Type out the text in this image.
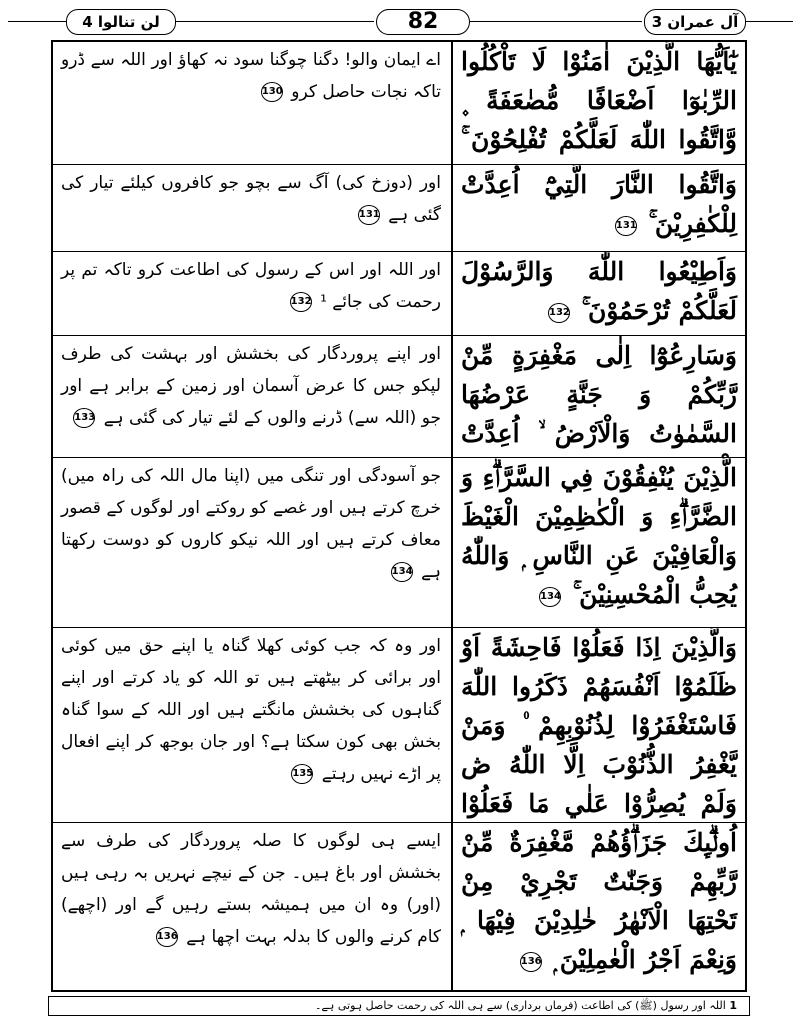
لن تنالوا 4	82	آل عمران 3
يٰٓاَيُّهَا الَّذِيْنَ اٰمَنُوْا لَا تَاْكُلُوا الرِّبٰوٓا اَضْعَافًا مُّضٰعَفَةً ۪ وَّاتَّقُوا اللّٰهَ لَعَلَّكُمْ تُفْلِحُوْنَ ۚ
اے ایمان والو! دگنا چوگنا سود نہ کھاؤ اور اللہ سے ڈرو تاکہ نجات حاصل کرو 130
وَاتَّقُوا النَّارَ الَّتِيْٓ اُعِدَّتْ لِلْكٰفِرِيْنَ ۚ 131
اور (دوزخ کی) آگ سے بچو جو کافروں کیلئے تیار کی گئی ہے 131
وَاَطِيْعُوا اللّٰهَ وَالرَّسُوْلَ لَعَلَّكُمْ تُرْحَمُوْنَ ۚ 132
اور اللہ اور اس کے رسول کی اطاعت کرو تاکہ تم پر رحمت کی جائے ¹ 132
وَسَارِعُوْٓا اِلٰى مَغْفِرَةٍ مِّنْ رَّبِّكُمْ وَ جَنَّةٍ عَرْضُهَا السَّمٰوٰتُ وَالْاَرْضُ ۙ اُعِدَّتْ
اور اپنے پروردگار کی بخشش اور بہشت کی طرف لپکو جس کا عرض آسمان اور زمین کے برابر ہے اور جو (اللہ سے) ڈرنے والوں کے لئے تیار کی گئی ہے 133
الَّذِيْنَ يُنْفِقُوْنَ فِي السَّرَّاۗءِ وَ الضَّرَّاۗءِ وَ الْكٰظِمِيْنَ الْغَيْظَ وَالْعَافِيْنَ عَنِ النَّاسِ ۭ وَاللّٰهُ يُحِبُّ الْمُحْسِنِيْنَ ۚ 134
جو آسودگی اور تنگی میں (اپنا مال اللہ کی راہ میں) خرچ کرتے ہیں اور غصے کو روکتے اور لوگوں کے قصور معاف کرتے ہیں اور اللہ نیکو کاروں کو دوست رکھتا ہے 134
وَالَّذِيْنَ اِذَا فَعَلُوْا فَاحِشَةً اَوْ ظَلَمُوْٓا اَنْفُسَھُمْ ذَكَرُوا اللّٰهَ فَاسْتَغْفَرُوْا لِذُنُوْبِهِمْ ۠ وَمَنْ يَّغْفِرُ الذُّنُوْبَ اِلَّا اللّٰهُ ڞ وَلَمْ يُصِرُّوْا عَلٰي مَا فَعَلُوْا
اور وہ کہ جب کوئی کھلا گناہ یا اپنے حق میں کوئی اور برائی کر بیٹھتے ہیں تو اللہ کو یاد کرتے اور اپنے گناہوں کی بخشش مانگتے ہیں اور اللہ کے سوا گناہ بخش بھی کون سکتا ہے؟ اور جان بوجھ کر اپنے افعال پر اڑے نہیں رہتے 135
اُولٰۗىِٕكَ جَزَاۗؤُھُمْ مَّغْفِرَةٌ مِّنْ رَّبِّھِمْ وَجَنّٰتٌ تَجْرِيْ مِنْ تَحْتِھَا الْاَنْهٰرُ خٰلِدِيْنَ فِيْھَا ۭ وَنِعْمَ اَجْرُ الْعٰمِلِيْنَ ۭ 136
ایسے ہی لوگوں کا صلہ پروردگار کی طرف سے بخشش اور باغ ہیں۔ جن کے نیچے نہریں بہ رہی ہیں (اور) وہ ان میں ہمیشہ بستے رہیں گے اور (اچھے) کام کرنے والوں کا بدلہ بہت اچھا ہے 136
1 اللہ اور رسول (ﷺ) کی اطاعت (فرماں برداری) سے ہی اللہ کی رحمت حاصل ہوتی ہے۔
